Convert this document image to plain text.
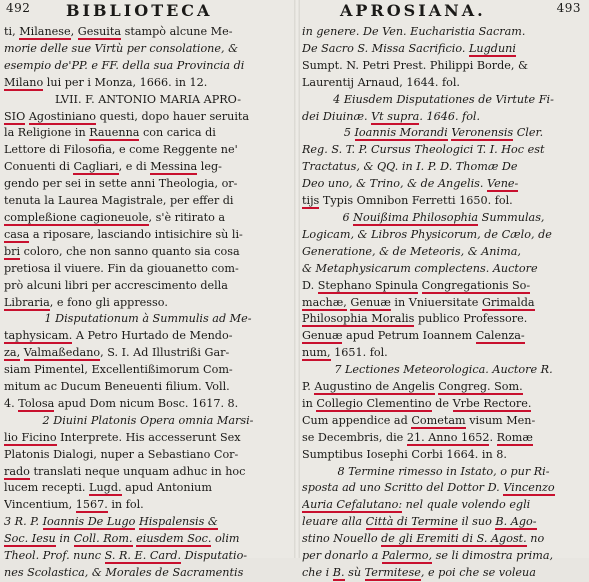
492 BIBLIOTECA	APROSIANA.	493

ti, Milanese, Gesuita stampò alcune Me-

morie delle sue Virtù per consolatione, &

esempio de'PP. e FF. della sua Provincia di

Milano lui per i Monza, 1666. in 12.

LVII. F. ANTONIO MARIA APRO-

SIO Agostiniano questi, dopo hauer seruita

la Religione in Rauenna con carica di

Lettore di Filosofia, e come Reggente ne'

Conuenti di Cagliari, e di Messina leg-

gendo per sei in sette anni Theologia, or-

tenuta la Laurea Magistrale, per effer di

compleßione cagioneuole, s'è ritirato a

casa a riposare, lasciando intisichire sù li-

bri coloro, che non sanno quanto sia cosa

pretiosa il viuere. Fin da giouanetto com-

prò alcuni libri per accrescimento della

Libraria, e fono gli appresso.

1 Disputationum à Summulis ad Me-

taphysicam. A Petro Hurtado de Mendo-

za, Valmaßedano, S. I. Ad Illustrißi Gar-

siam Pimentel, Excellentißimorum Com-

mitum ac Ducum Beneuenti filium. Voll.

4. Tolosa apud Dom nicum Bosc. 1617. 8.

2 Diuini Platonis Opera omnia Marsi-

lio Ficino Interprete. His accesserunt Sex

Platonis Dialogi, nuper a Sebastiano Cor-

rado translati neque unquam adhuc in hoc

lucem recepti. Lugd. apud Antonium

Vincentium, 1567. in fol.

3 R. P. Ioannis De Lugo Hispalensis &

Soc. Iesu in Coll. Rom. eiusdem Soc. olim

Theol. Prof. nunc S. R. E. Card. Disputatio-

nes Scolastica, & Morales de Sacramentis

in genere. De Ven. Eucharistia Sacram.

De Sacro S. Missa Sacrificio. Lugduni

Sumpt. N. Petri Prest. Philippi Borde, &

Laurentij Arnaud, 1644. fol.

4 Eiusdem Disputationes de Virtute Fi-

dei Diuinæ. Vt supra. 1646. fol.

5 Ioannis Morandi Veronensis Cler.

Reg. S. T. P. Cursus Theologici T. I. Hoc est

Tractatus, & QQ. in I. P. D. Thomæ De

Deo uno, & Trino, & de Angelis. Vene-

tijs Typis Omnibon Ferretti 1650. fol.

6 Nouißima Philosophia Summulas,

Logicam, & Libros Physicorum, de Cælo, de

Generatione, & de Meteoris, & Anima,

& Metaphysicarum complectens. Auctore

D. Stephano Spinula Congregationis So-

machæ, Genuæ in Vniuersitate Grimalda

Philosophia Moralis publico Professore.

Genuæ apud Petrum Ioannem Calenza-

num, 1651. fol.

7 Lectiones Meteorologica. Auctore R.

P. Augustino de Angelis Congreg. Som.

in Collegio Clementino de Vrbe Rectore.

Cum appendice ad Cometam visum Men-

se Decembris, die 21. Anno 1652. Romæ

Sumptibus Iosephi Corbi 1664. in 8.

8 Termine rimesso in Istato, o pur Ri-

sposta ad uno Scritto del Dottor D. Vincenzo

Auria Cefalutano: nel quale volendo egli

leuare alla Città di Termine il suo B. Ago-

stino Nouello de gli Eremiti di S. Agost. no

per donarlo a Palermo, se li dimostra prima,

che i B. sù Termitese, e poi che se voleua
